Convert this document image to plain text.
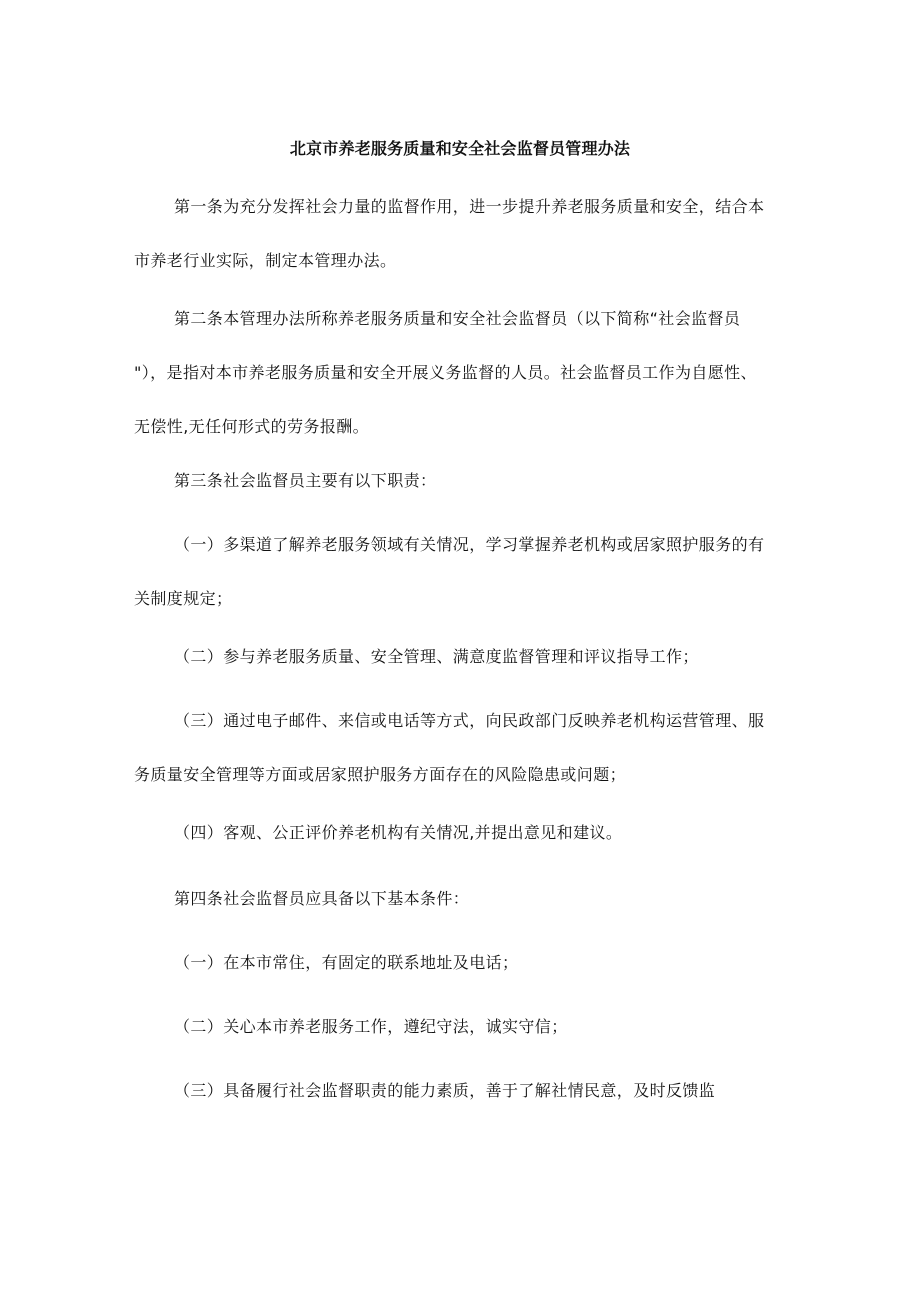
北京市养老服务质量和安全社会监督员管理办法
第一条为充分发挥社会力量的监督作用，进一步提升养老服务质量和安全，结合本
市养老行业实际，制定本管理办法。
第二条本管理办法所称养老服务质量和安全社会监督员（以下简称“社会监督员
"），是指对本市养老服务质量和安全开展义务监督的人员。社会监督员工作为自愿性、
无偿性,无任何形式的劳务报酬。
第三条社会监督员主要有以下职责：
（一）多渠道了解养老服务领域有关情况，学习掌握养老机构或居家照护服务的有
关制度规定；
（二）参与养老服务质量、安全管理、满意度监督管理和评议指导工作；
（三）通过电子邮件、来信或电话等方式，向民政部门反映养老机构运营管理、服
务质量安全管理等方面或居家照护服务方面存在的风险隐患或问题；
（四）客观、公正评价养老机构有关情况,并提出意见和建议。
第四条社会监督员应具备以下基本条件：
（一）在本市常住，有固定的联系地址及电话；
（二）关心本市养老服务工作，遵纪守法，诚实守信；
（三）具备履行社会监督职责的能力素质，善于了解社情民意，及时反馈监
